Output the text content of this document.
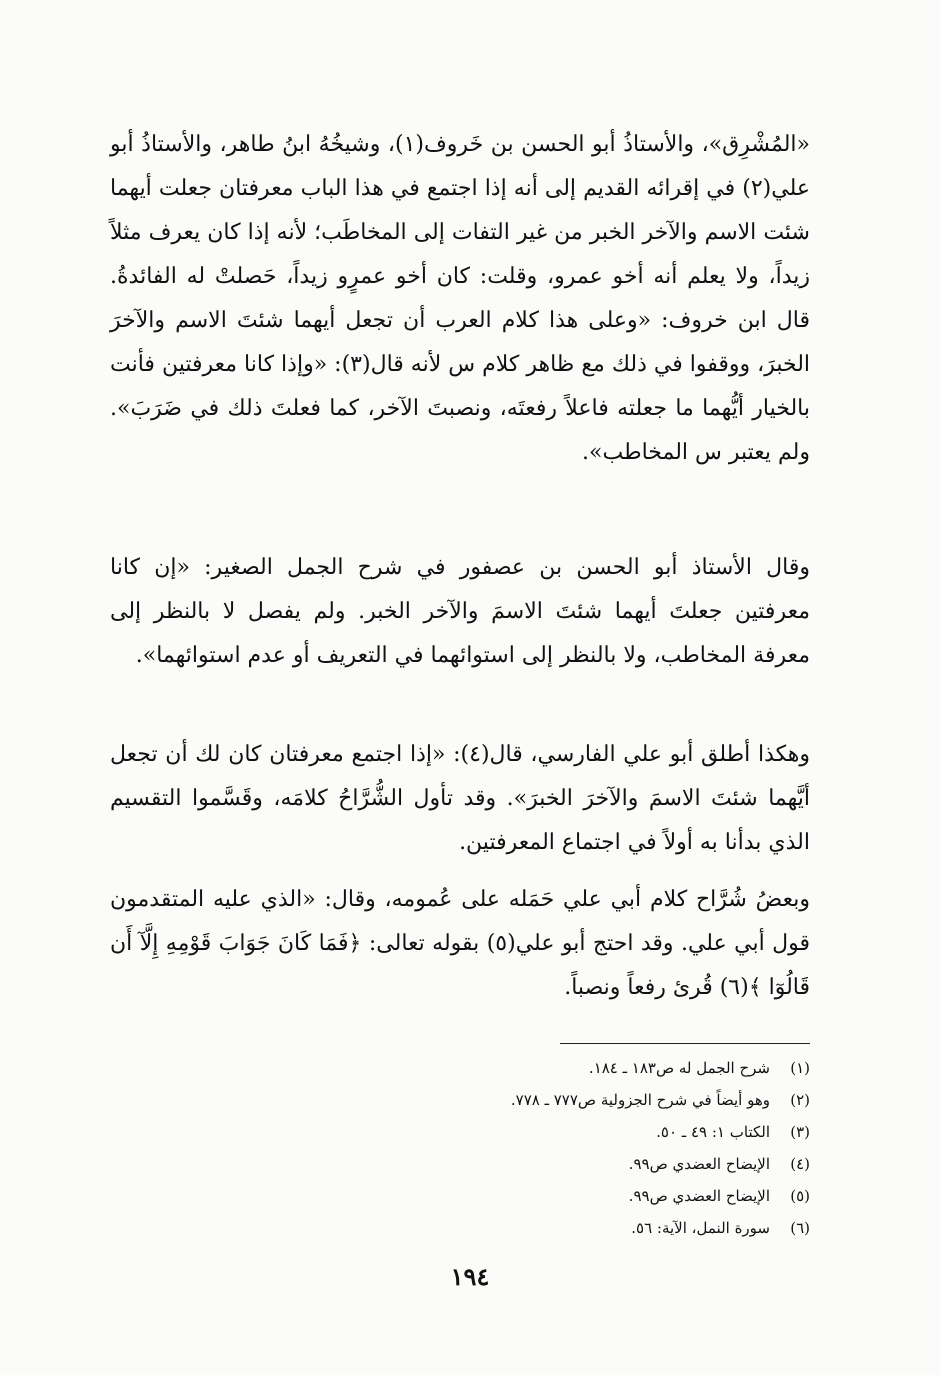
«المُشْرِق»، والأستاذُ أبو الحسن بن خَروف(١)، وشيخُهُ ابنُ طاهر، والأستاذُ أبو علي(٢) في إقرائه القديم إلى أنه إذا اجتمع في هذا الباب معرفتان جعلت أيهما شئت الاسم والآخر الخبر من غير التفات إلى المخاطَب؛ لأنه إذا كان يعرف مثلاً زيداً، ولا يعلم أنه أخو عمرو، وقلت: كان أخو عمرٍو زيداً، حَصلتْ له الفائدةُ. قال ابن خروف: «وعلى هذا كلام العرب أن تجعل أيهما شئتَ الاسم والآخرَ الخبرَ، ووقفوا في ذلك مع ظاهر كلام س لأنه قال(٣): «وإذا كانا معرفتين فأنت بالخيار أيُّهما ما جعلته فاعلاً رفعتَه، ونصبتَ الآخر، كما فعلتَ ذلك في ضَرَبَ». ولم يعتبر س المخاطب».

وقال الأستاذ أبو الحسن بن عصفور في شرح الجمل الصغير: «إن كانا معرفتين جعلتَ أيهما شئتَ الاسمَ والآخر الخبر. ولم يفصل لا بالنظر إلى معرفة المخاطب، ولا بالنظر إلى استوائهما في التعريف أو عدم استوائهما».

وهكذا أطلق أبو علي الفارسي، قال(٤): «إذا اجتمع معرفتان كان لك أن تجعل أيَّهما شئتَ الاسمَ والآخرَ الخبرَ». وقد تأول الشُّرَّاحُ كلامَه، وقَسَّموا التقسيم الذي بدأنا به أولاً في اجتماع المعرفتين.

وبعضُ شُرَّاح كلام أبي علي حَمَله على عُمومه، وقال: «الذي عليه المتقدمون قول أبي علي. وقد احتج أبو علي(٥) بقوله تعالى: ﴿فَمَا كَانَ جَوَابَ قَوْمِهِ إِلَّآ أَن قَالُوٓا ﴾(٦) قُرئ رفعاً ونصباً.

(١)
شرح الجمل له ص١٨٣ ـ ١٨٤.
(٢)
وهو أيضاً في شرح الجزولية ص٧٧٧ ـ ٧٧٨.
(٣)
الكتاب ١: ٤٩ ـ ٥٠.
(٤)
الإيضاح العضدي ص٩٩.
(٥)
الإيضاح العضدي ص٩٩.
(٦)
سورة النمل، الآية: ٥٦.
١٩٤
